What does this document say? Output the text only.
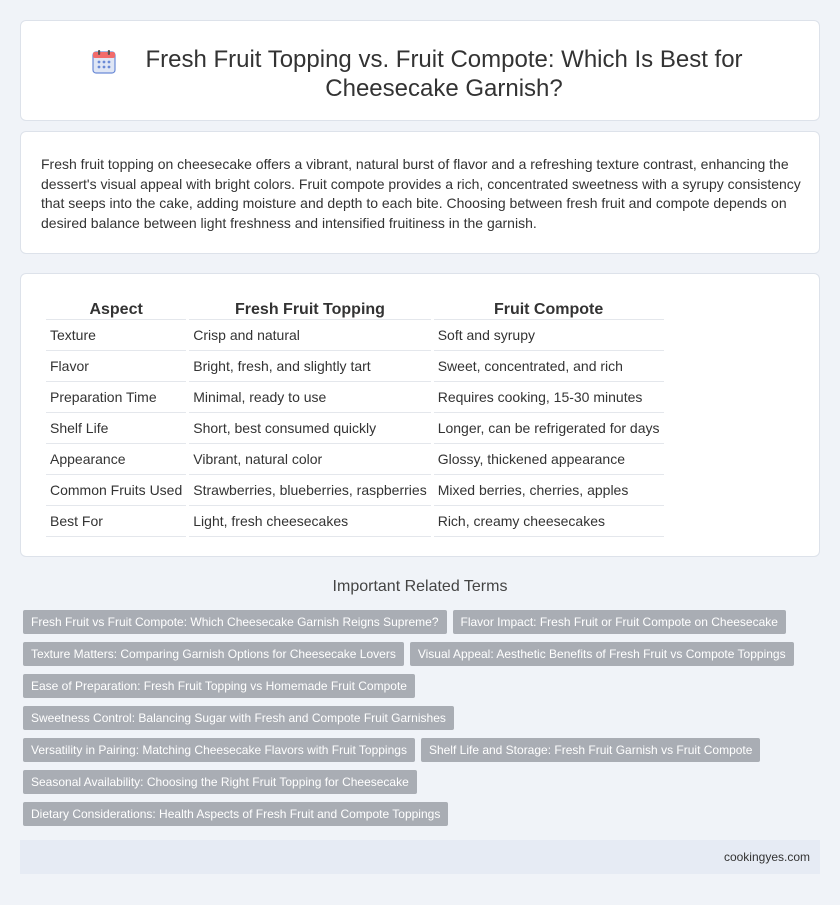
Fresh Fruit Topping vs. Fruit Compote: Which Is Best for Cheesecake Garnish?

Fresh fruit topping on cheesecake offers a vibrant, natural burst of flavor and a refreshing texture contrast, enhancing the dessert's visual appeal with bright colors. Fruit compote provides a rich, concentrated sweetness with a syrupy consistency that seeps into the cake, adding moisture and depth to each bite. Choosing between fresh fruit and compote depends on desired balance between light freshness and intensified fruitiness in the garnish.

Aspect	Fresh Fruit Topping	Fruit Compote
Texture	Crisp and natural	Soft and syrupy
Flavor	Bright, fresh, and slightly tart	Sweet, concentrated, and rich
Preparation Time	Minimal, ready to use	Requires cooking, 15-30 minutes
Shelf Life	Short, best consumed quickly	Longer, can be refrigerated for days
Appearance	Vibrant, natural color	Glossy, thickened appearance
Common Fruits Used	Strawberries, blueberries, raspberries	Mixed berries, cherries, apples
Best For	Light, fresh cheesecakes	Rich, creamy cheesecakes
Important Related Terms
Fresh Fruit vs Fruit Compote: Which Cheesecake Garnish Reigns Supreme? Flavor Impact: Fresh Fruit or Fruit Compote on Cheesecake
Texture Matters: Comparing Garnish Options for Cheesecake Lovers Visual Appeal: Aesthetic Benefits of Fresh Fruit vs Compote Toppings
Ease of Preparation: Fresh Fruit Topping vs Homemade Fruit Compote
Sweetness Control: Balancing Sugar with Fresh and Compote Fruit Garnishes
Versatility in Pairing: Matching Cheesecake Flavors with Fruit Toppings Shelf Life and Storage: Fresh Fruit Garnish vs Fruit Compote
Seasonal Availability: Choosing the Right Fruit Topping for Cheesecake
Dietary Considerations: Health Aspects of Fresh Fruit and Compote Toppings
cookingyes.com
